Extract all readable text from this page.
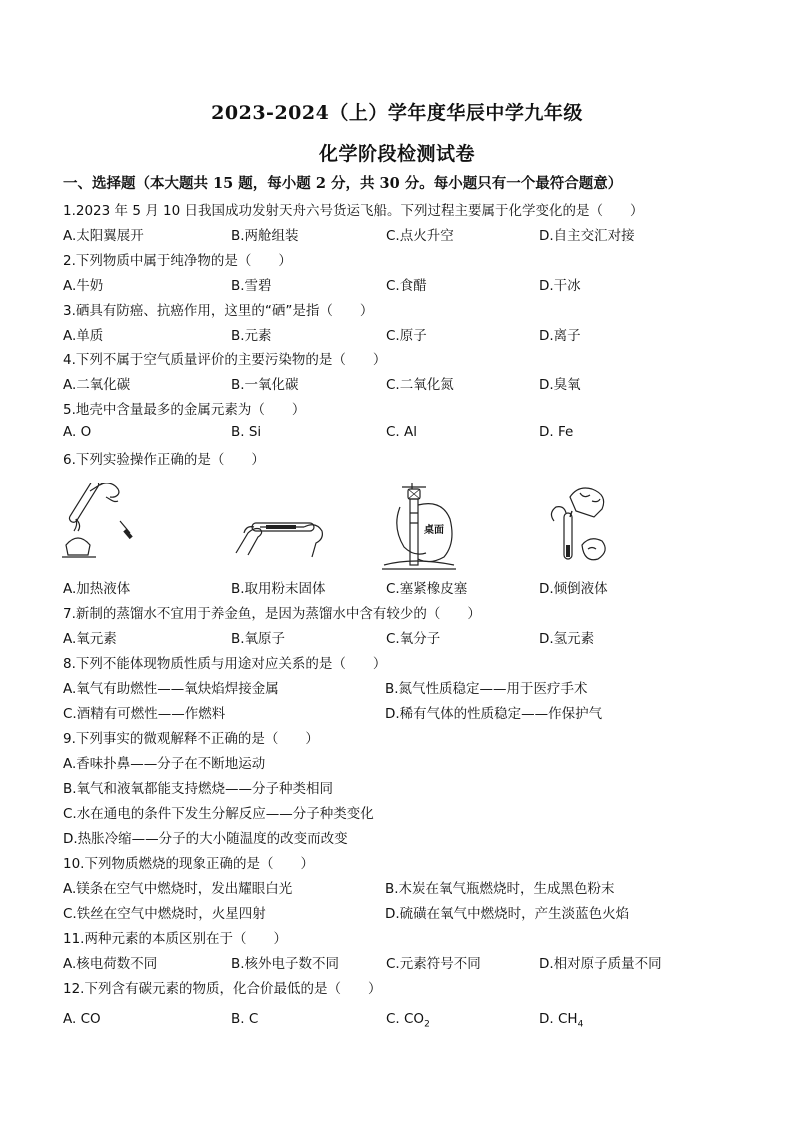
2023-2024（上）学年度华辰中学九年级
化学阶段检测试卷
一、选择题（本大题共 15 题，每小题 2 分，共 30 分。每小题只有一个最符合题意）
1.2023 年 5 月 10 日我国成功发射天舟六号货运飞船。下列过程主要属于化学变化的是（　　）
A.太阳翼展开	B.两舱组装	C.点火升空	D.自主交汇对接
2.下列物质中属于纯净物的是（　　）
A.牛奶	B.雪碧	C.食醋	D.干冰
3.硒具有防癌、抗癌作用，这里的“硒”是指（　　）
A.单质	B.元素	C.原子	D.离子
4.下列不属于空气质量评价的主要污染物的是（　　）
A.二氧化碳	B.一氧化碳	C.二氧化氮	D.臭氧
5.地壳中含量最多的金属元素为（　　）
A. O	B. Si	C. Al	D. Fe
6.下列实验操作正确的是（　　）
桌面
A.加热液体	B.取用粉末固体	C.塞紧橡皮塞	D.倾倒液体
7.新制的蒸馏水不宜用于养金鱼，是因为蒸馏水中含有较少的（　　）
A.氧元素	B.氧原子	C.氧分子	D.氢元素
8.下列不能体现物质性质与用途对应关系的是（　　）
A.氧气有助燃性——氧炔焰焊接金属	B.氮气性质稳定——用于医疗手术
C.酒精有可燃性——作燃料	D.稀有气体的性质稳定——作保护气
9.下列事实的微观解释不正确的是（　　）
A.香味扑鼻——分子在不断地运动
B.氧气和液氧都能支持燃烧——分子种类相同
C.水在通电的条件下发生分解反应——分子种类变化
D.热胀冷缩——分子的大小随温度的改变而改变
10.下列物质燃烧的现象正确的是（　　）
A.镁条在空气中燃烧时，发出耀眼白光	B.木炭在氧气瓶燃烧时，生成黑色粉末
C.铁丝在空气中燃烧时，火星四射	D.硫磺在氧气中燃烧时，产生淡蓝色火焰
11.两种元素的本质区别在于（　　）
A.核电荷数不同	B.核外电子数不同	C.元素符号不同	D.相对原子质量不同
12.下列含有碳元素的物质，化合价最低的是（　　）
A. CO	B. C	C. $CO_2$	D. $CH_4$
